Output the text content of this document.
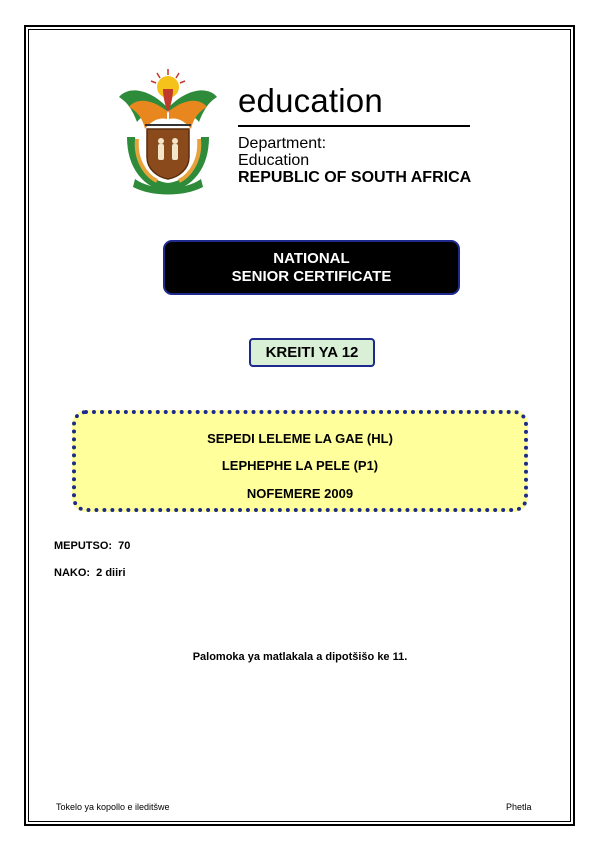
education
Department:
Education
REPUBLIC OF SOUTH AFRICA
NATIONAL
SENIOR CERTIFICATE
KREITI YA 12
SEPEDI LELEME LA GAE (HL)
LEPHEPHE LA PELE (P1)
NOFEMERE 2009
MEPUTSO:  70
NAKO:  2 diiri
Palomoka ya matlakala a dipotšišo ke 11.
Tokelo ya kopollo e ileditšwe	Phetla
